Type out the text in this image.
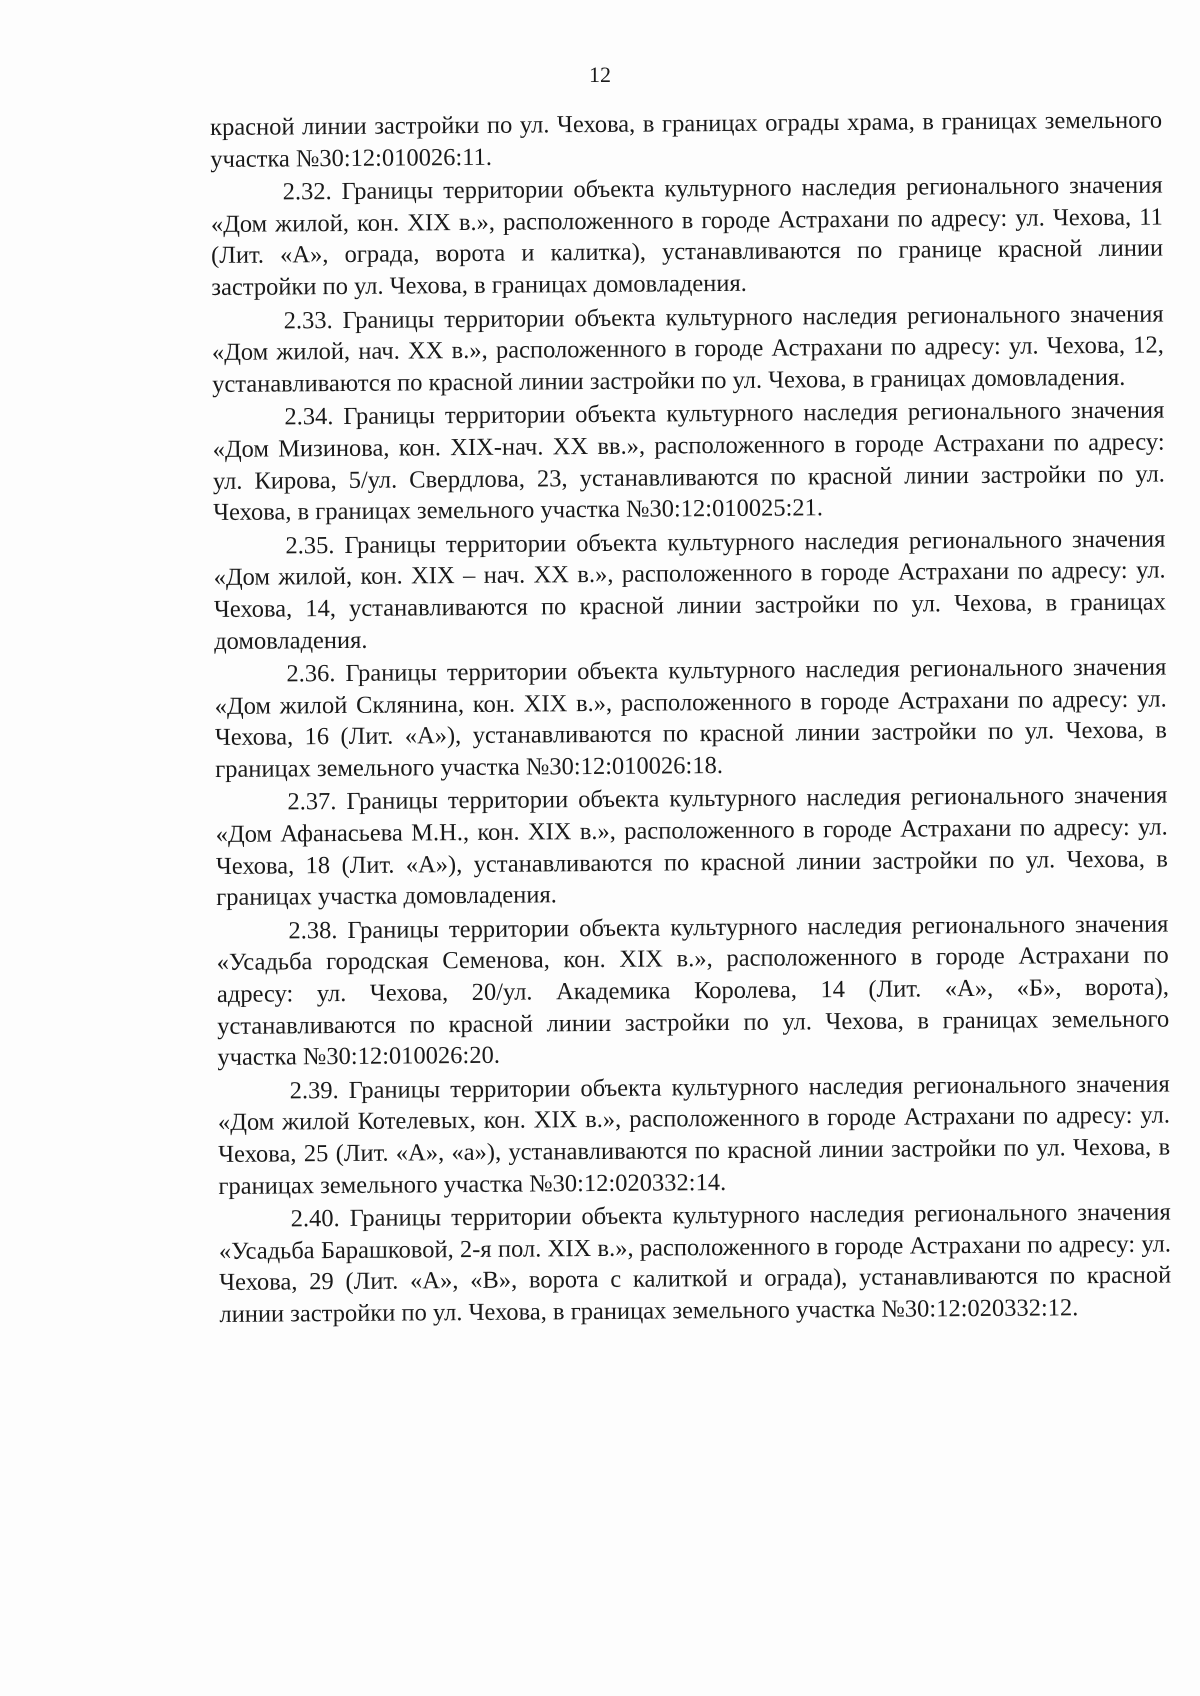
12

красной линии застройки по ул. Чехова, в границах ограды храма, в границах земельного участка №30:12:010026:11.

2.32. Границы территории объекта культурного наследия регионального значения «Дом жилой, кон. XIX в.», расположенного в городе Астрахани по адресу: ул. Чехова, 11 (Лит. «А», ограда, ворота и калитка), устанавливаются по границе красной линии застройки по ул. Чехова, в границах домовладения.

2.33. Границы территории объекта культурного наследия регионального значения «Дом жилой, нач. XX в.», расположенного в городе Астрахани по адресу: ул. Чехова, 12, устанавливаются по красной линии застройки по ул. Чехова, в границах домовладения.

2.34. Границы территории объекта культурного наследия регионального значения «Дом Мизинова, кон. XIX-нач. XX вв.», расположенного в городе Астрахани по адресу: ул. Кирова, 5/ул. Свердлова, 23, устанавливаются по красной линии застройки по ул. Чехова, в границах земельного участка №30:12:010025:21.

2.35. Границы территории объекта культурного наследия регионального значения «Дом жилой, кон. XIX – нач. XX в.», расположенного в городе Астрахани по адресу: ул. Чехова, 14, устанавливаются по красной линии застройки по ул. Чехова, в границах домовладения.

2.36. Границы территории объекта культурного наследия регионального значения «Дом жилой Склянина, кон. XIX в.», расположенного в городе Астрахани по адресу: ул. Чехова, 16 (Лит. «А»), устанавливаются по красной линии застройки по ул. Чехова, в границах земельного участка №30:12:010026:18.

2.37. Границы территории объекта культурного наследия регионального значения «Дом Афанасьева М.Н., кон. XIX в.», расположенного в городе Астрахани по адресу: ул. Чехова, 18 (Лит. «А»), устанавливаются по красной линии застройки по ул. Чехова, в границах участка домовладения.

2.38. Границы территории объекта культурного наследия регионального значения «Усадьба городская Семенова, кон. XIX в.», расположенного в городе Астрахани по адресу: ул. Чехова, 20/ул. Академика Королева, 14 (Лит. «А», «Б», ворота), устанавливаются по красной линии застройки по ул. Чехова, в границах земельного участка №30:12:010026:20.

2.39. Границы территории объекта культурного наследия регионального значения «Дом жилой Котелевых, кон. XIX в.», расположенного в городе Астрахани по адресу: ул. Чехова, 25 (Лит. «А», «а»), устанавливаются по красной линии застройки по ул. Чехова, в границах земельного участка №30:12:020332:14.

2.40. Границы территории объекта культурного наследия регионального значения «Усадьба Барашковой, 2-я пол. XIX в.», расположенного в городе Астрахани по адресу: ул. Чехова, 29 (Лит. «А», «В», ворота с калиткой и ограда), устанавливаются по красной линии застройки по ул. Чехова, в границах земельного участка №30:12:020332:12.
